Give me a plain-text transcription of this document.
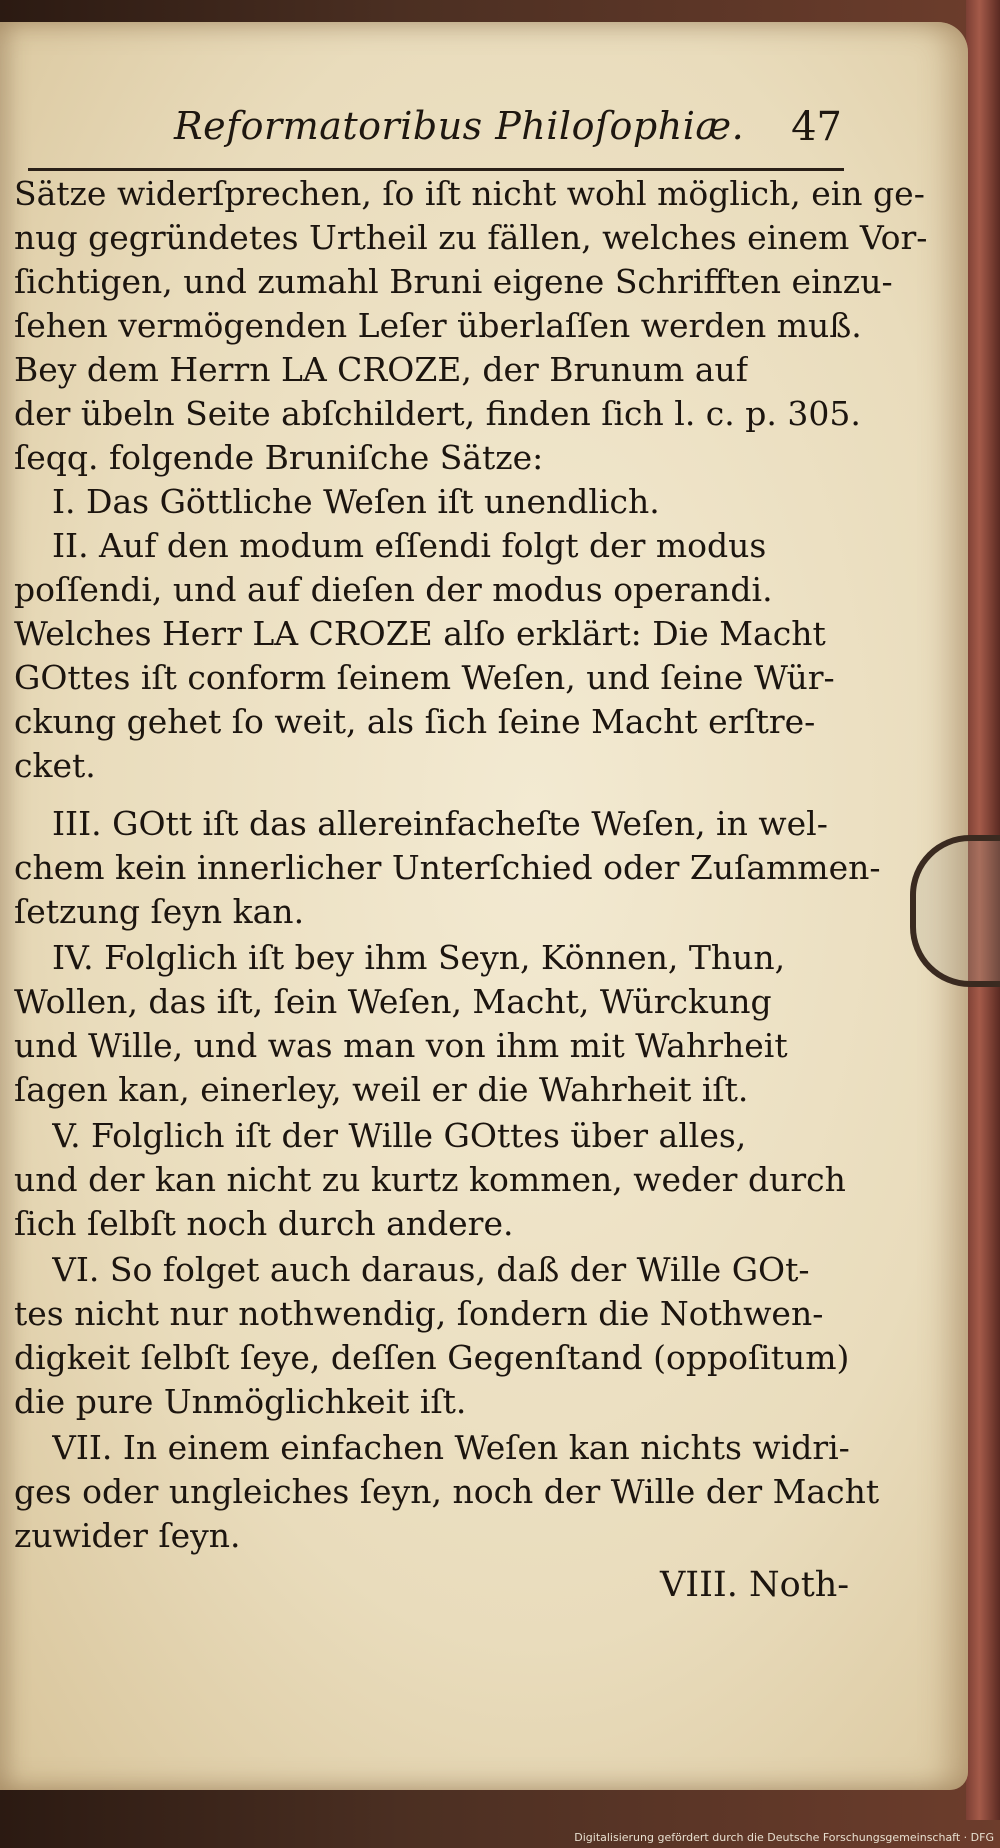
Reformatoribus Philoſophiæ. 47
Sätze widerſprechen, ſo iſt nicht wohl möglich, ein ge-
nug gegründetes Urtheil zu fällen, welches einem Vor-
ſichtigen, und zumahl Bruni eigene Schrifften einzu-
ſehen vermögenden Leſer überlaſſen werden muß.
Bey dem Herrn LA CROZE, der Brunum auf
der übeln Seite abſchildert, finden ſich l. c. p. 305.
ſeqq. folgende Bruniſche Sätze:
I. Das Göttliche Weſen iſt unendlich.
II. Auf den modum eſſendi folgt der modus
poſſendi, und auf dieſen der modus operandi.
Welches Herr LA CROZE alſo erklärt: Die Macht
GOttes iſt conform ſeinem Weſen, und ſeine Wür-
ckung gehet ſo weit, als ſich ſeine Macht erſtre-
cket.
III. GOtt iſt das allereinfacheſte Weſen, in wel-
chem kein innerlicher Unterſchied oder Zuſammen-
ſetzung ſeyn kan.
IV. Folglich iſt bey ihm Seyn, Können, Thun,
Wollen, das iſt, ſein Weſen, Macht, Würckung
und Wille, und was man von ihm mit Wahrheit
ſagen kan, einerley, weil er die Wahrheit iſt.
V. Folglich iſt der Wille GOttes über alles,
und der kan nicht zu kurtz kommen, weder durch
ſich ſelbſt noch durch andere.
VI. So folget auch daraus, daß der Wille GOt-
tes nicht nur nothwendig, ſondern die Nothwen-
digkeit ſelbſt ſeye, deſſen Gegenſtand (oppoſitum)
die pure Unmöglichkeit iſt.
VII. In einem einfachen Weſen kan nichts widri-
ges oder ungleiches ſeyn, noch der Wille der Macht
zuwider ſeyn.
VIII. Noth-
Digitalisierung gefördert durch die Deutsche Forschungsgemeinschaft · DFG
